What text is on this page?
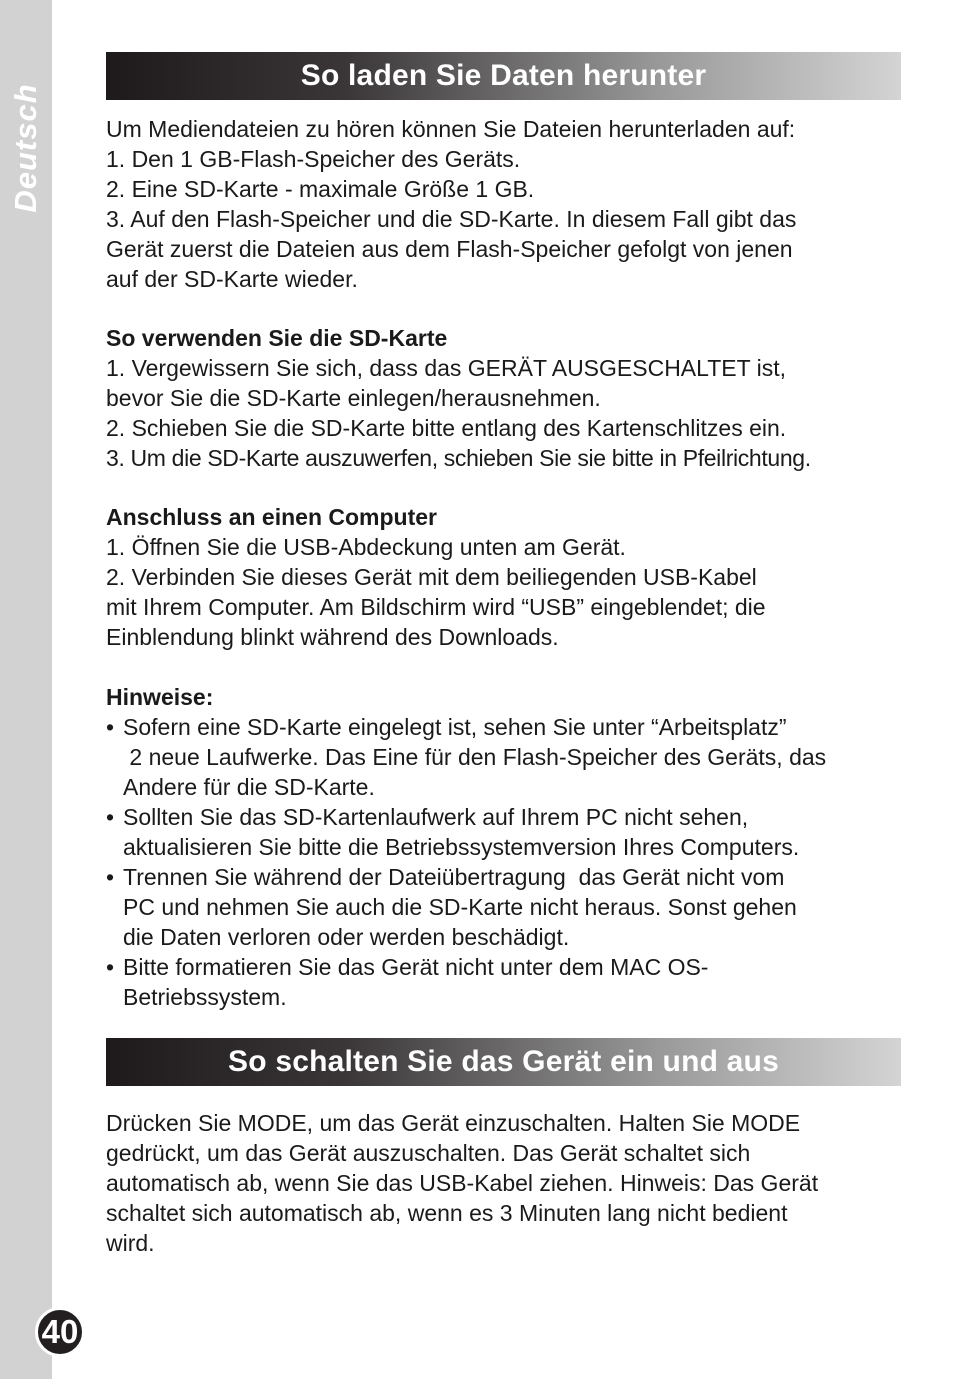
Deutsch
40
So laden Sie Daten herunter

Um Mediendateien zu hören können Sie Dateien herunterladen auf:

1. Den 1 GB-Flash-Speicher des Geräts.

2. Eine SD-Karte - maximale Größe 1 GB.

3. Auf den Flash-Speicher und die SD-Karte. In diesem Fall gibt das

Gerät zuerst die Dateien aus dem Flash-Speicher gefolgt von jenen

auf der SD-Karte wieder.

So verwenden Sie die SD-Karte

1. Vergewissern Sie sich, dass das GERÄT AUSGESCHALTET ist,

bevor Sie die SD-Karte einlegen/herausnehmen.

2. Schieben Sie die SD-Karte bitte entlang des Kartenschlitzes ein.

3. Um die SD-Karte auszuwerfen, schieben Sie sie bitte in Pfeilrichtung.

Anschluss an einen Computer

1. Öffnen Sie die USB-Abdeckung unten am Gerät.

2. Verbinden Sie dieses Gerät mit dem beiliegenden USB-Kabel

mit Ihrem Computer. Am Bildschirm wird “USB” eingeblendet; die

Einblendung blinkt während des Downloads.

Hinweise:

• Sofern eine SD-Karte eingelegt ist, sehen Sie unter “Arbeitsplatz”

2 neue Laufwerke. Das Eine für den Flash-Speicher des Geräts, das

Andere für die SD-Karte.

• Sollten Sie das SD-Kartenlaufwerk auf Ihrem PC nicht sehen,

aktualisieren Sie bitte die Betriebssystemversion Ihres Computers.

• Trennen Sie während der Dateiübertragung  das Gerät nicht vom

PC und nehmen Sie auch die SD-Karte nicht heraus. Sonst gehen

die Daten verloren oder werden beschädigt.

• Bitte formatieren Sie das Gerät nicht unter dem MAC OS-

Betriebssystem.

So schalten Sie das Gerät ein und aus

Drücken Sie MODE, um das Gerät einzuschalten. Halten Sie MODE

gedrückt, um das Gerät auszuschalten. Das Gerät schaltet sich

automatisch ab, wenn Sie das USB-Kabel ziehen. Hinweis: Das Gerät

schaltet sich automatisch ab, wenn es 3 Minuten lang nicht bedient

wird.
